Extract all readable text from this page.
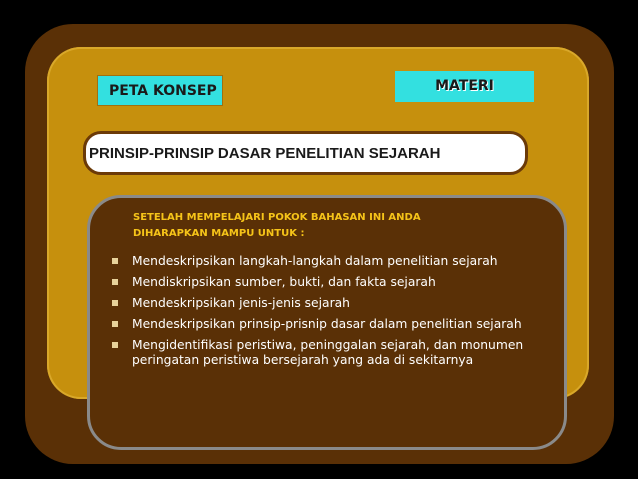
PETA KONSEP	MATERI
PRINSIP-PRINSIP DASAR PENELITIAN SEJARAH
SETELAH MEMPELAJARI POKOK BAHASAN INI ANDA
DIHARAPKAN MAMPU UNTUK :
Mendeskripsikan langkah-langkah dalam penelitian sejarah
Mendiskripsikan sumber, bukti, dan fakta sejarah
Mendeskripsikan jenis-jenis sejarah
Mendeskripsikan prinsip-prisnip dasar dalam penelitian sejarah
Mengidentifikasi peristiwa, peninggalan sejarah, dan monumen peringatan peristiwa bersejarah yang ada di sekitarnya
